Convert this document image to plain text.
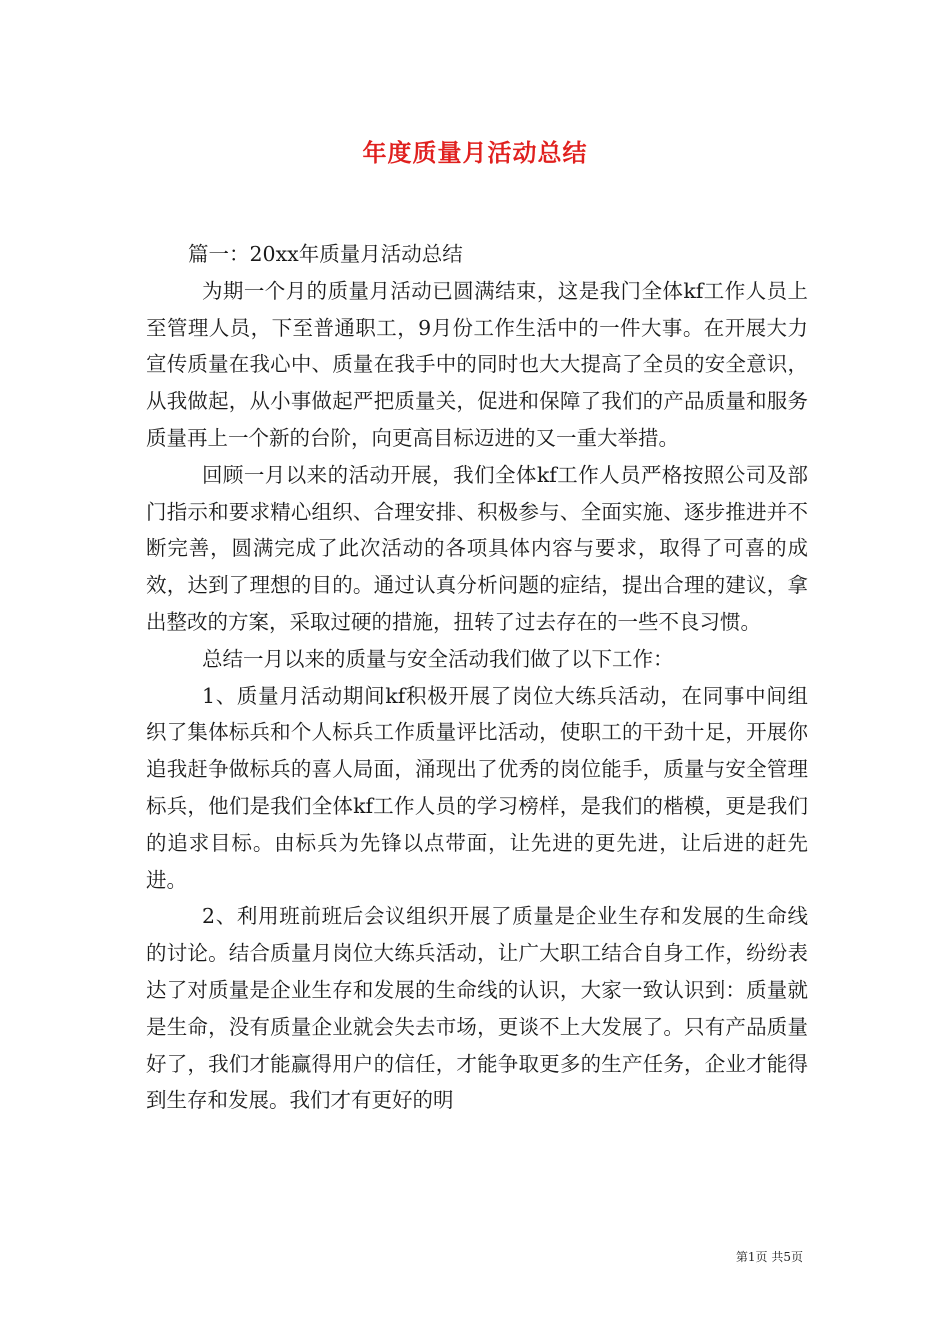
年度质量月活动总结

篇一：20xx年质量月活动总结

为期一个月的质量月活动已圆满结束，这是我门全体kf工作人员上至管理人员，下至普通职工，9月份工作生活中的一件大事。在开展大力宣传质量在我心中、质量在我手中的同时也大大提高了全员的安全意识，从我做起，从小事做起严把质量关，促进和保障了我们的产品质量和服务质量再上一个新的台阶，向更高目标迈进的又一重大举措。

回顾一月以来的活动开展，我们全体kf工作人员严格按照公司及部门指示和要求精心组织、合理安排、积极参与、全面实施、逐步推进并不断完善，圆满完成了此次活动的各项具体内容与要求，取得了可喜的成效，达到了理想的目的。通过认真分析问题的症结，提出合理的建议，拿出整改的方案，采取过硬的措施，扭转了过去存在的一些不良习惯。

总结一月以来的质量与安全活动我们做了以下工作：

1、质量月活动期间kf积极开展了岗位大练兵活动，在同事中间组织了集体标兵和个人标兵工作质量评比活动，使职工的干劲十足，开展你追我赶争做标兵的喜人局面，涌现出了优秀的岗位能手，质量与安全管理标兵，他们是我们全体kf工作人员的学习榜样，是我们的楷模，更是我们的追求目标。由标兵为先锋以点带面，让先进的更先进，让后进的赶先进。

2、利用班前班后会议组织开展了质量是企业生存和发展的生命线的讨论。结合质量月岗位大练兵活动，让广大职工结合自身工作，纷纷表达了对质量是企业生存和发展的生命线的认识，大家一致认识到：质量就是生命，没有质量企业就会失去市场，更谈不上大发展了。只有产品质量好了，我们才能赢得用户的信任，才能争取更多的生产任务，企业才能得到生存和发展。我们才有更好的明

第1页 共5页
